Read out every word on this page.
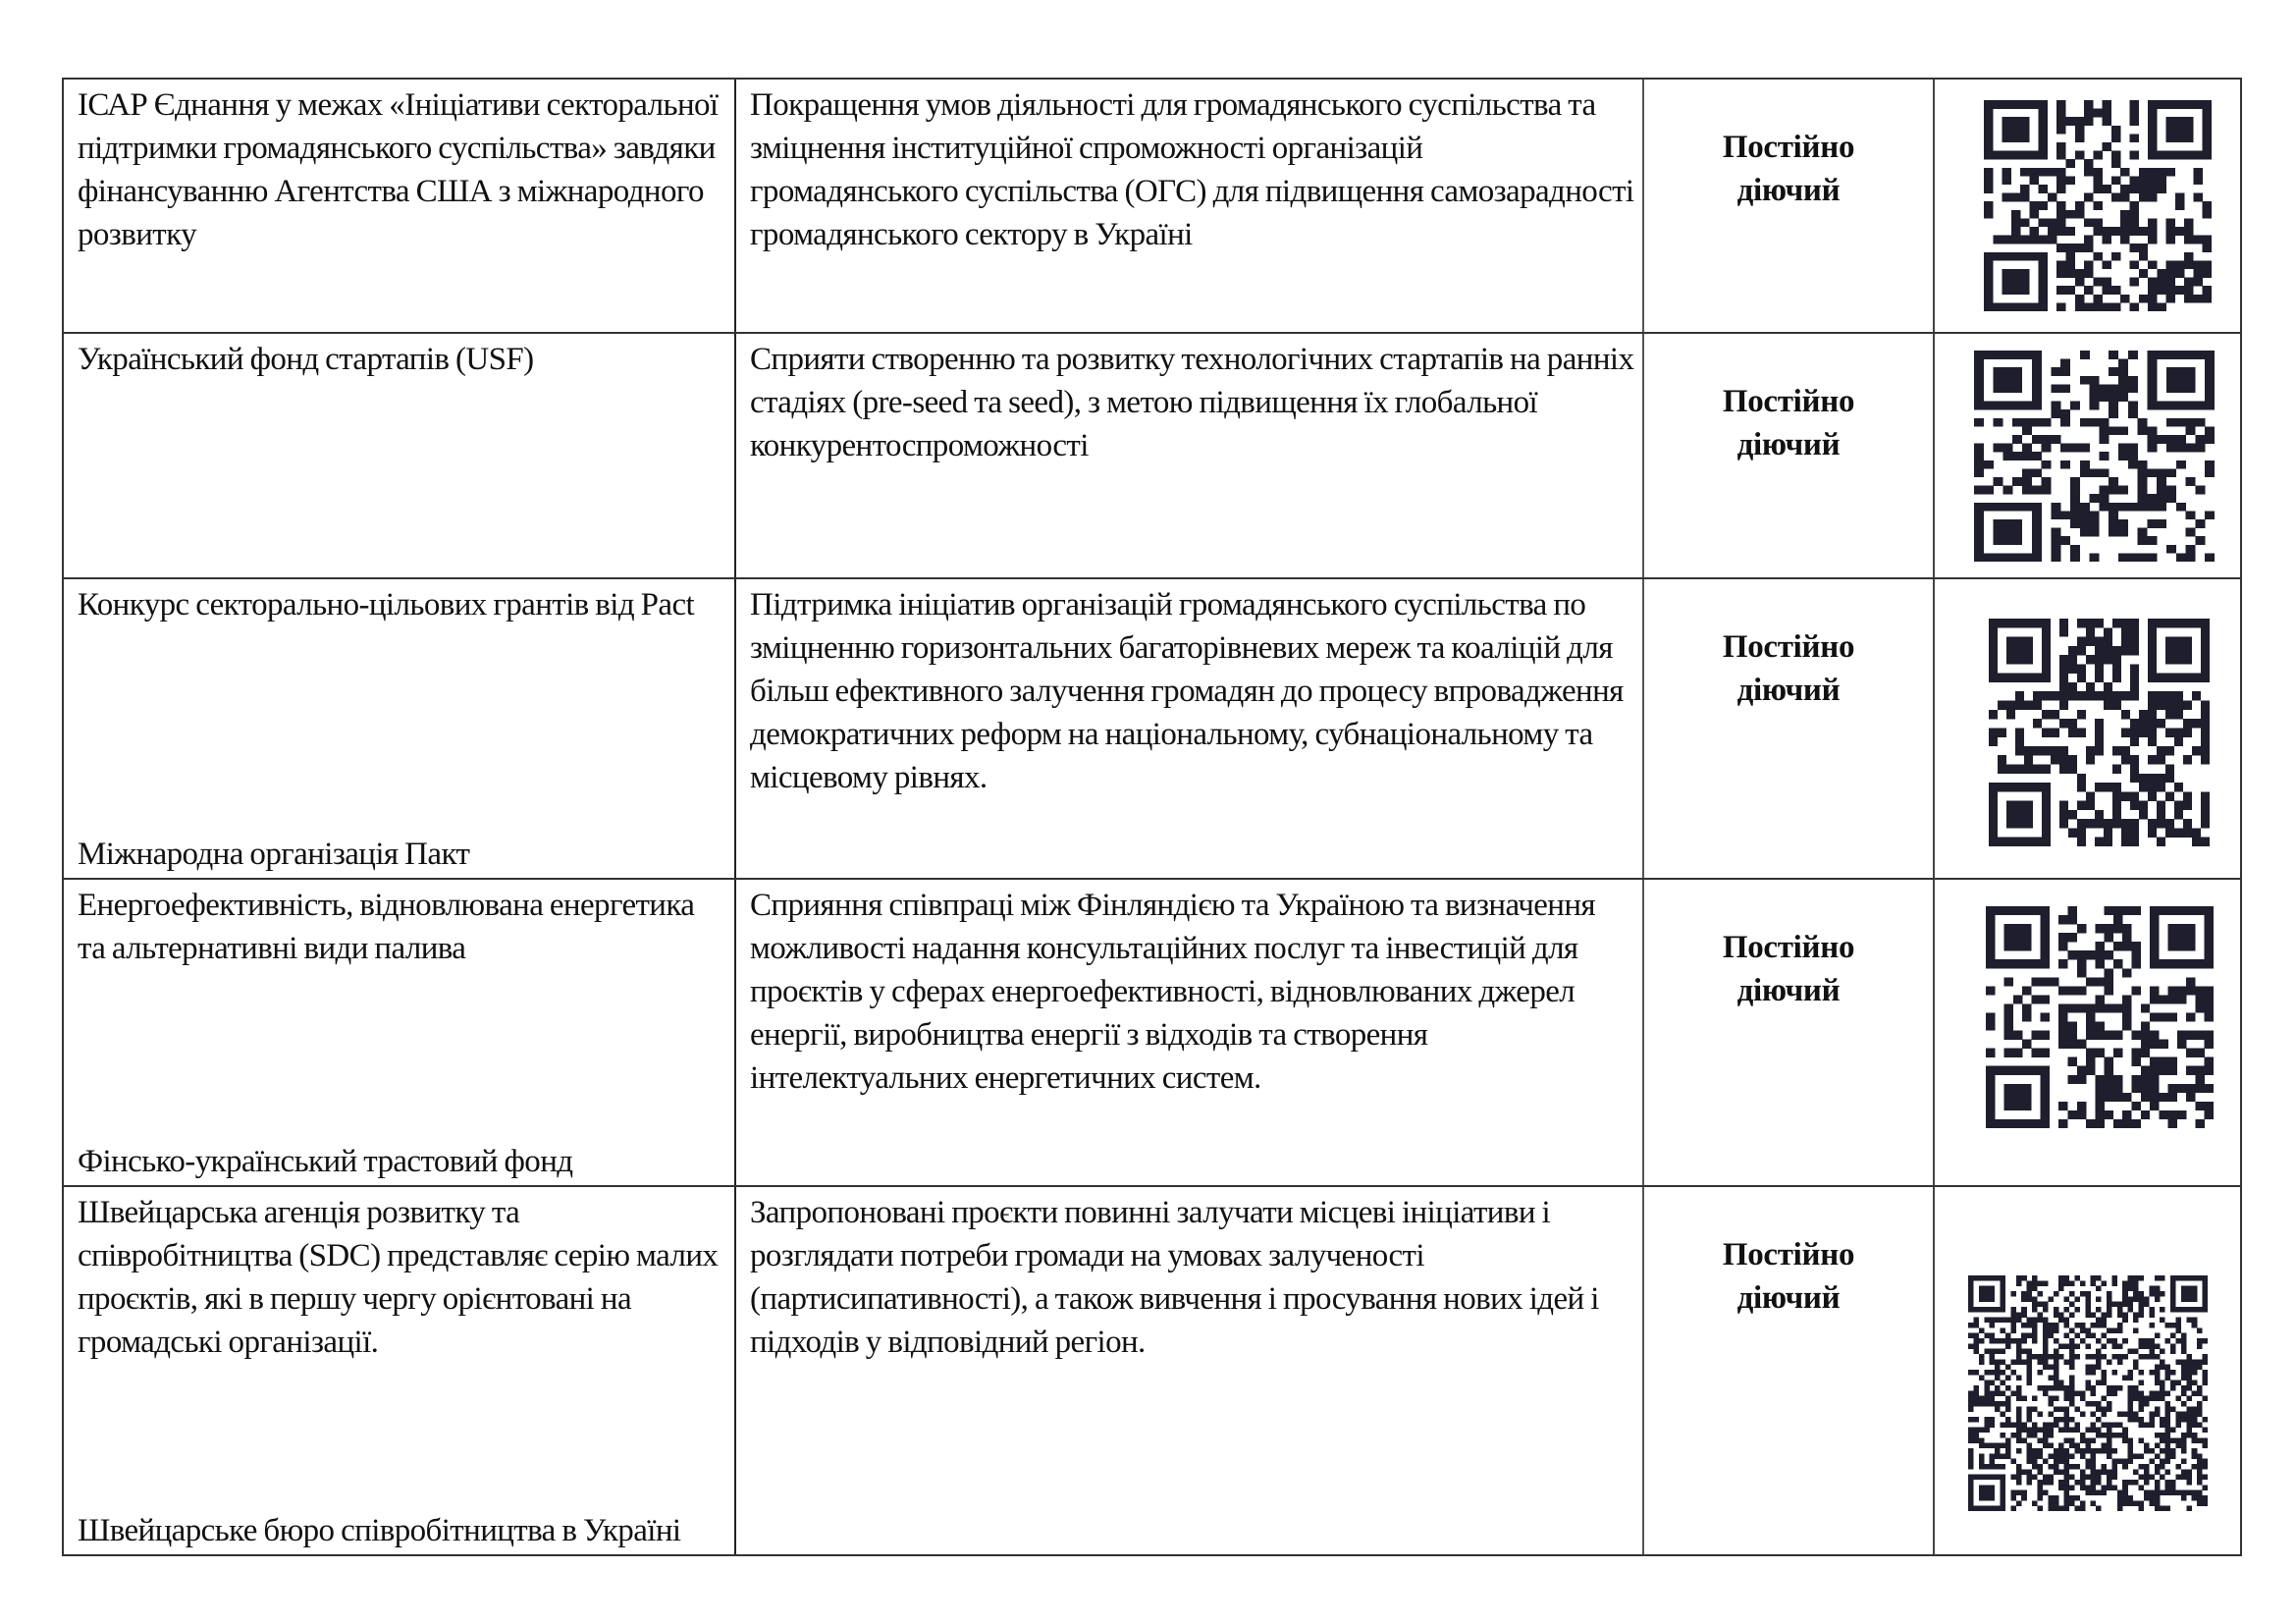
ІСАР Єднання у межах «Ініціативи секторальної підтримки громадянського суспільства» завдяки фінансуванню Агентства США з міжнародного розвитку
Покращення умов діяльності для громадянського суспільства та зміцнення інституційної спроможності організацій громадянського суспільства (ОГС) для підвищення самозарадності громадянського сектору в Україні
Постійно
діючий
Український фонд стартапів (USF)	Сприяти створенню та розвитку технологічних стартапів на ранніх стадіях (pre-seed та seed), з метою підвищення їх глобальної конкурентоспроможності
Постійно
діючий
Конкурс секторально-цільових грантів від Pact
Міжнародна організація Пакт
Підтримка ініціатив організацій громадянського суспільства по зміцненню горизонтальних багаторівневих мереж та коаліцій для більш ефективного залучення громадян до процесу впровадження демократичних реформ на національному, субнаціональному та місцевому рівнях.
Постійно
діючий
Енергоефективність, відновлювана енергетика та альтернативні види палива
Фінсько-український трастовий фонд
Сприяння співпраці між Фінляндією та Україною та визначення можливості надання консультаційних послуг та інвестицій для проєктів у сферах енергоефективності, відновлюваних джерел енергії, виробництва енергії з відходів та створення інтелектуальних енергетичних систем.
Постійно
діючий
Швейцарська агенція розвитку та співробітництва (SDC) представляє серію малих проєктів, які в першу чергу орієнтовані на громадські організації.
Швейцарське бюро співробітництва в Україні
Запропоновані проєкти повинні залучати місцеві ініціативи і розглядати потреби громади на умовах залученості (партисипативності), а також вивчення і просування нових ідей і підходів у відповідний регіон.
Постійно
діючий
